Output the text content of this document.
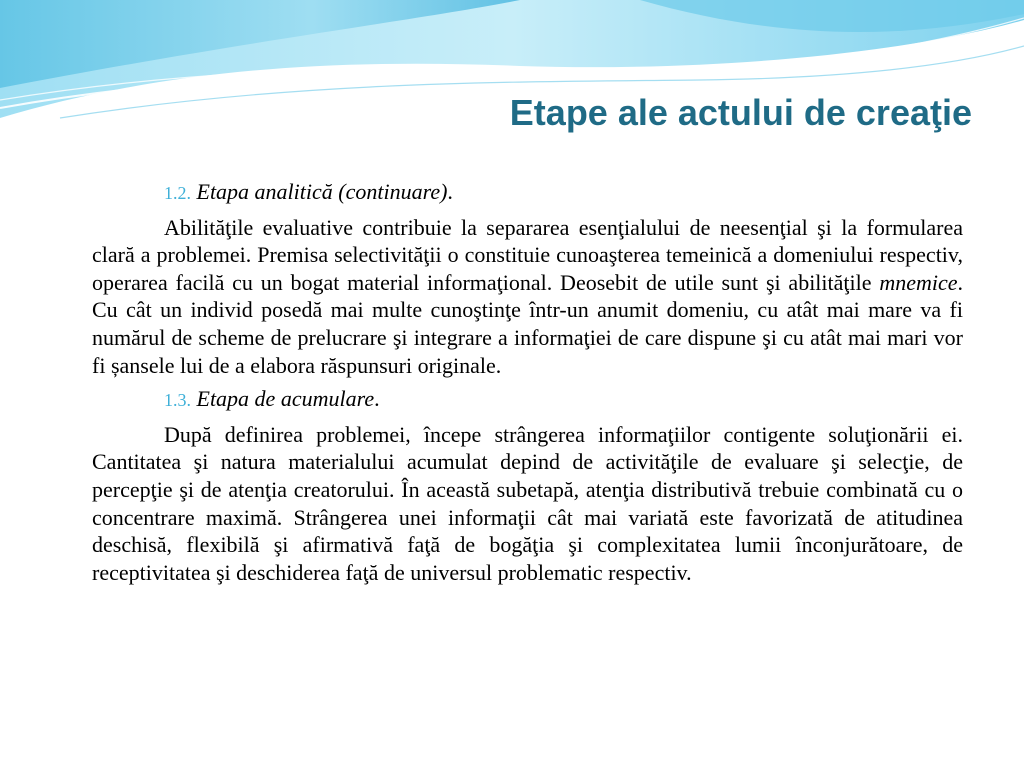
Etape ale actului de creaţie

1.2. Etapa analitică (continuare).

Abilităţile evaluative contribuie la separarea esenţialului de neesenţial şi la formularea clară a problemei. Premisa selectivităţii o constituie cunoaşterea temeinică a domeniului respectiv, operarea facilă cu un bogat material informaţional. Deosebit de utile sunt şi abilităţile mnemice. Cu cât un individ posedă mai multe cunoştinţe într-un anumit domeniu, cu atât mai mare va fi numărul de scheme de prelucrare şi integrare a informaţiei de care dispune şi cu atât mai mari vor fi șansele lui de a elabora răspunsuri originale.

1.3. Etapa de acumulare.

După definirea problemei, începe strângerea informaţiilor contigente soluţionării ei. Cantitatea şi natura materialului acumulat depind de activităţile de evaluare şi selecţie, de percepţie şi de atenţia creatorului. În această subetapă, atenţia distributivă trebuie combinată cu o concentrare maximă. Strângerea unei informaţii cât mai variată este favorizată de atitudinea deschisă, flexibilă şi afirmativă faţă de bogăţia şi complexitatea lumii înconjurătoare, de receptivitatea şi deschiderea faţă de universul problematic respectiv.
